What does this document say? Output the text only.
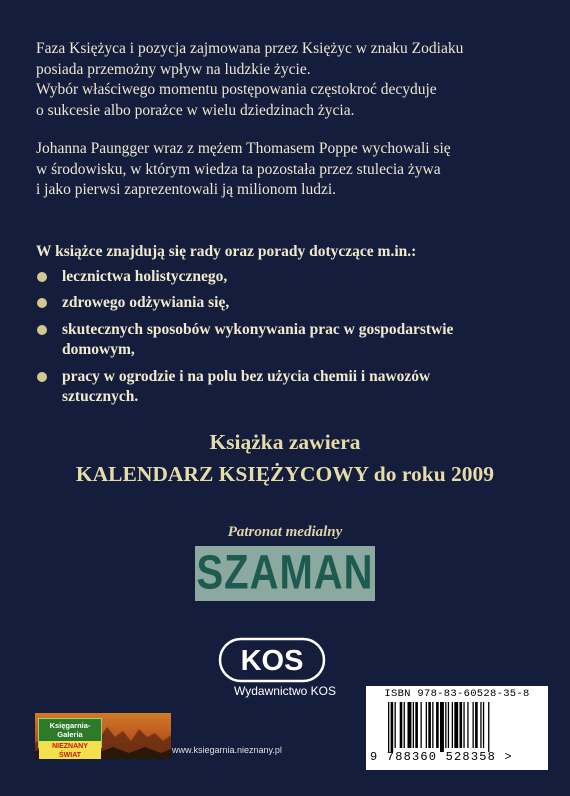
Faza Księżyca i pozycja zajmowana przez Księżyc w znaku Zodiaku
posiada przemożny wpływ na ludzkie życie.
Wybór właściwego momentu postępowania częstokroć decyduje
o sukcesie albo porażce w wielu dziedzinach życia.

Johanna Paungger wraz z mężem Thomasem Poppe wychowali się
w środowisku, w którym wiedza ta pozostała przez stulecia żywa
i jako pierwsi zaprezentowali ją milionom ludzi.

W książce znajdują się rady oraz porady dotyczące m.in.:
lecznictwa holistycznego,
zdrowego odżywiania się,
skutecznych sposobów wykonywania prac w gospodarstwie
domowym,
pracy w ogrodzie i na polu bez użycia chemii i nawozów
sztucznych.
Książka zawiera
KALENDARZ KSIĘŻYCOWY do roku 2009
Patronat medialny
SZAMAN
KOS
Wydawnictwo KOS
Księgarnia-Galeria
NIEZNANY ŚWIAT
www.ksiegarnia.nieznany.pl
ISBN 978-83-60528-35-8
9 788360 528358 >
